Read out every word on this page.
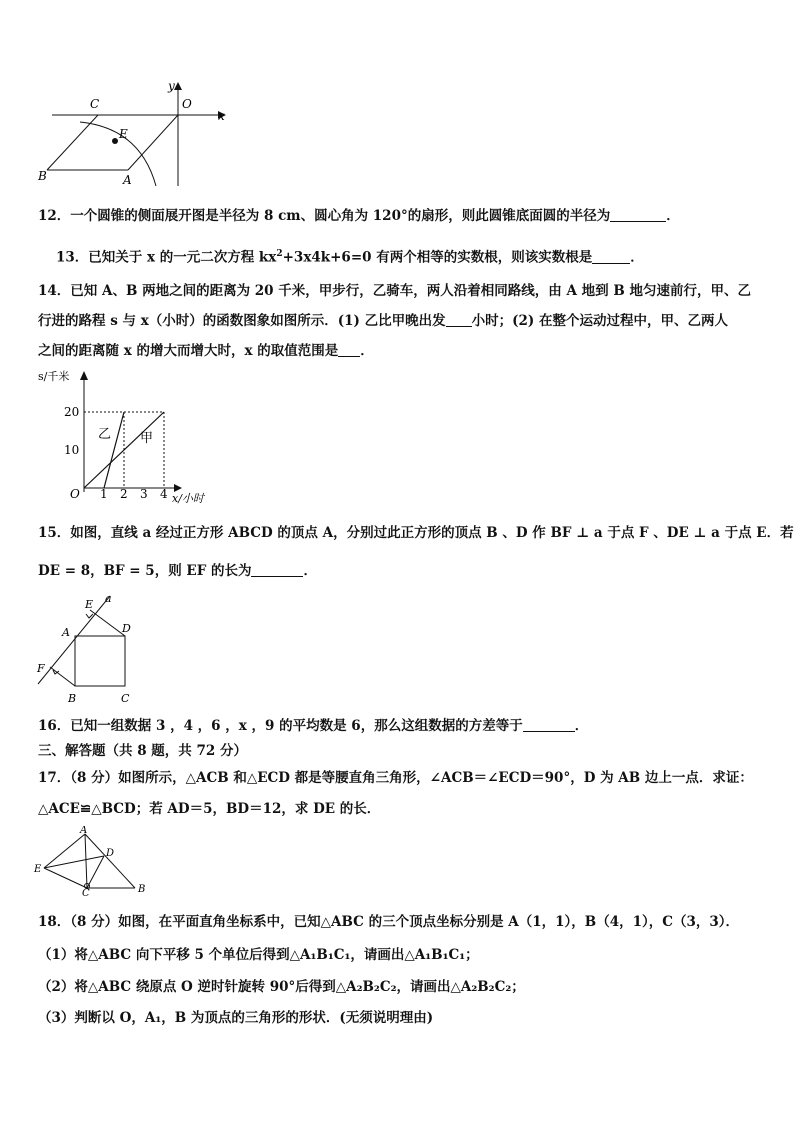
y
x
O
C
E
B	A
12．一个圆锥的侧面展开图是半径为 8 cm、圆心角为 120°的扇形，则此圆锥底面圆的半径为	．
13．已知关于 x 的一元二次方程 $kx^2+3x4k+6=0$ 有两个相等的实数根，则该实数根是	．
14．已知 A、B 两地之间的距离为 20 千米，甲步行，乙骑车，两人沿着相同路线，由 A 地到 B 地匀速前行，甲、乙
行进的路程 s 与 x（小时）的函数图象如图所示．(1) 乙比甲晚出发 小时；(2) 在整个运动过程中，甲、乙两人
之间的距离随 x 的增大而增大时，x 的取值范围是 ．
s/千米
20
10
O 1 2 3 4 x/小时
乙 甲
15．如图，直线 a 经过正方形 ABCD 的顶点 A，分别过此正方形的顶点 B 、D 作 BF ⊥ a 于点 F 、DE ⊥ a 于点 E．若
DE = 8，BF = 5，则 EF 的长为	．
E a
A	D
F
B	C
16．已知一组数据 3 ，4 ，6 ，x ，9 的平均数是 6，那么这组数据的方差等于	．
三、解答题（共 8 题，共 72 分）
17．（8 分）如图所示，△ACB 和△ECD 都是等腰直角三角形，∠ACB＝∠ECD＝90°，D 为 AB 边上一点．求证：
△ACE≌△BCD；若 AD＝5，BD＝12，求 DE 的长．
A
D
E
C	B
18．（8 分）如图，在平面直角坐标系中，已知△ABC 的三个顶点坐标分别是 A（1，1），B（4，1），C（3，3）．
（1）将△ABC 向下平移 5 个单位后得到△A₁B₁C₁，请画出△A₁B₁C₁；
（2）将△ABC 绕原点 O 逆时针旋转 90°后得到△A₂B₂C₂，请画出△A₂B₂C₂；
（3）判断以 O，A₁，B 为顶点的三角形的形状．(无须说明理由)
